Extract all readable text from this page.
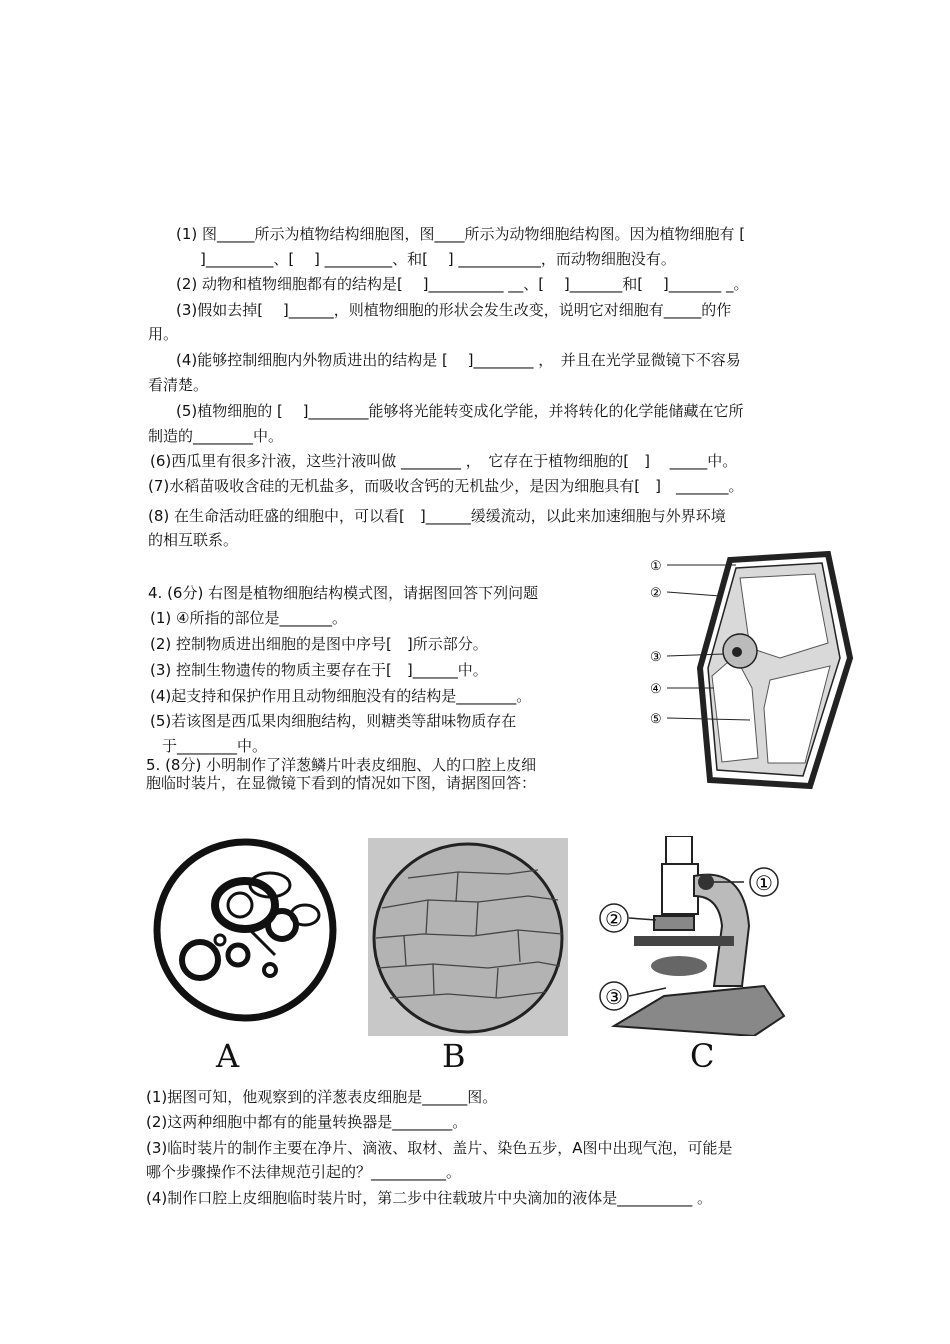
(1) 图_____所示为植物结构细胞图，图____所示为动物细胞结构图。因为植物细胞有 [
]_________、[　 ] _________、和[　 ] ___________，而动物细胞没有。
(2) 动物和植物细胞都有的结构是[　 ]__________ __、[　 ]_______和[　 ]_______ _。
(3)假如去掉[　 ]______，则植物细胞的形状会发生改变，说明它对细胞有_____的作
用。
(4)能够控制细胞内外物质进出的结构是 [　 ]________ ，　并且在光学显微镜下不容易
看清楚。
(5)植物细胞的 [　 ]________能够将光能转变成化学能，并将转化的化学能储藏在它所
制造的________中。
(6)西瓜里有很多汁液，这些汁液叫做 ________ ，　它存在于植物细胞的[　]　 _____中。
(7)水稻苗吸收含硅的无机盐多，而吸收含钙的无机盐少，是因为细胞具有[　]　_______。
(8) 在生命活动旺盛的细胞中，可以看[　]______缓缓流动，以此来加速细胞与外界环境
的相互联系。
4. (6分) 右图是植物细胞结构模式图，请据图回答下列问题
(1) ④所指的部位是_______。
(2) 控制物质进出细胞的是图中序号[　]所示部分。
(3) 控制生物遗传的物质主要存在于[　]______中。
(4)起支持和保护作用且动物细胞没有的结构是________。
(5)若该图是西瓜果肉细胞结构，则糖类等甜味物质存在
于________中。
①
②
③
④
⑤
5. (8分) 小明制作了洋葱鳞片叶表皮细胞、人的口腔上皮细
胞临时装片，在显微镜下看到的情况如下图，请据图回答：
①
②
③
A	B	C
(1)据图可知，他观察到的洋葱表皮细胞是______图。
(2)这两种细胞中都有的能量转换器是________。
(3)临时装片的制作主要在净片、滴液、取材、盖片、染色五步，A图中出现气泡，可能是
哪个步骤操作不法律规范引起的？__________。
(4)制作口腔上皮细胞临时装片时，第二步中往载玻片中央滴加的液体是__________ 。
